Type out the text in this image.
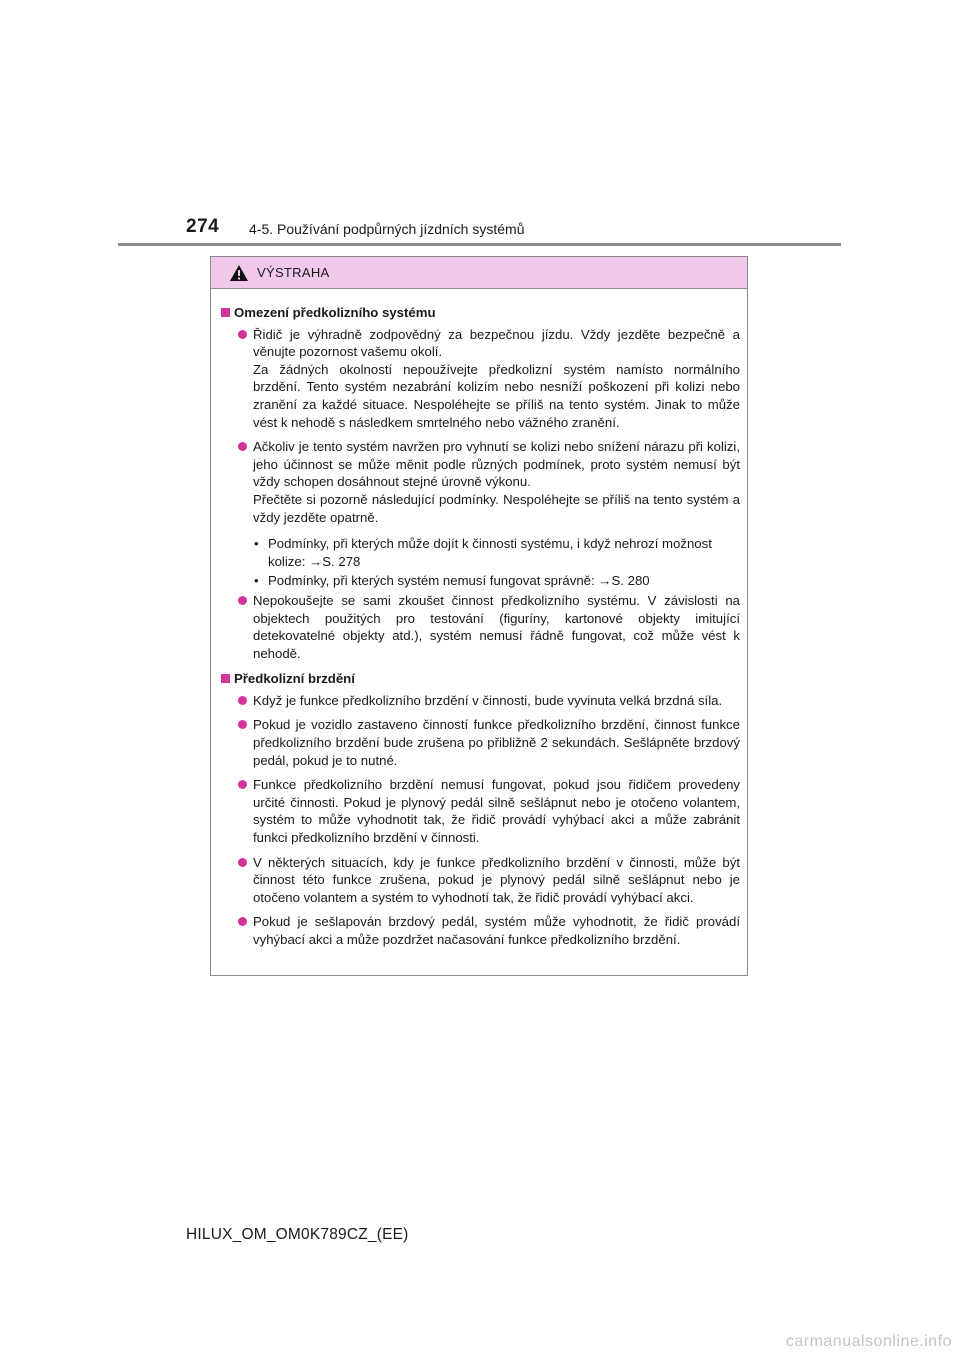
274 4-5. Používání podpůrných jízdních systémů
VÝSTRAHA
Omezení předkolizního systému
Řidič je výhradně zodpovědný za bezpečnou jízdu. Vždy jezděte bezpečně a věnujte pozornost vašemu okolí.
Za žádných okolností nepoužívejte předkolizní systém namísto normálního brzdění. Tento systém nezabrání kolizím nebo nesníží poškození při kolizi nebo zranění za každé situace. Nespoléhejte se příliš na tento systém. Jinak to může vést k nehodě s následkem smrtelného nebo vážného zranění.
Ačkoliv je tento systém navržen pro vyhnutí se kolizi nebo snížení nárazu při kolizi, jeho účinnost se může měnit podle různých podmínek, proto systém nemusí být vždy schopen dosáhnout stejné úrovně výkonu.
Přečtěte si pozorně následující podmínky. Nespoléhejte se příliš na tento systém a vždy jezděte opatrně.
• Podmínky, při kterých může dojít k činnosti systému, i když nehrozí možnost kolize: →S. 278
• Podmínky, při kterých systém nemusí fungovat správně: →S. 280
Nepokoušejte se sami zkoušet činnost předkolizního systému. V závislosti na objektech použitých pro testování (figuríny, kartonové objekty imitující detekovatelné objekty atd.), systém nemusí řádně fungovat, což může vést k nehodě.
Předkolizní brzdění
Když je funkce předkolizního brzdění v činnosti, bude vyvinuta velká brzdná síla.
Pokud je vozidlo zastaveno činností funkce předkolizního brzdění, činnost funkce předkolizního brzdění bude zrušena po přibližně 2 sekundách. Sešlápněte brzdový pedál, pokud je to nutné.
Funkce předkolizního brzdění nemusí fungovat, pokud jsou řidičem provedeny určité činnosti. Pokud je plynový pedál silně sešlápnut nebo je otočeno volantem, systém to může vyhodnotit tak, že řidič provádí vyhýbací akci a může zabránit funkci předkolizního brzdění v činnosti.
V některých situacích, kdy je funkce předkolizního brzdění v činnosti, může být činnost této funkce zrušena, pokud je plynový pedál silně sešlápnut nebo je otočeno volantem a systém to vyhodnotí tak, že řidič provádí vyhýbací akci.
Pokud je sešlapován brzdový pedál, systém může vyhodnotit, že řidič provádí vyhýbací akci a může pozdržet načasování funkce předkolizního brzdění.
HILUX_OM_OM0K789CZ_(EE)
carmanualsonline.info
